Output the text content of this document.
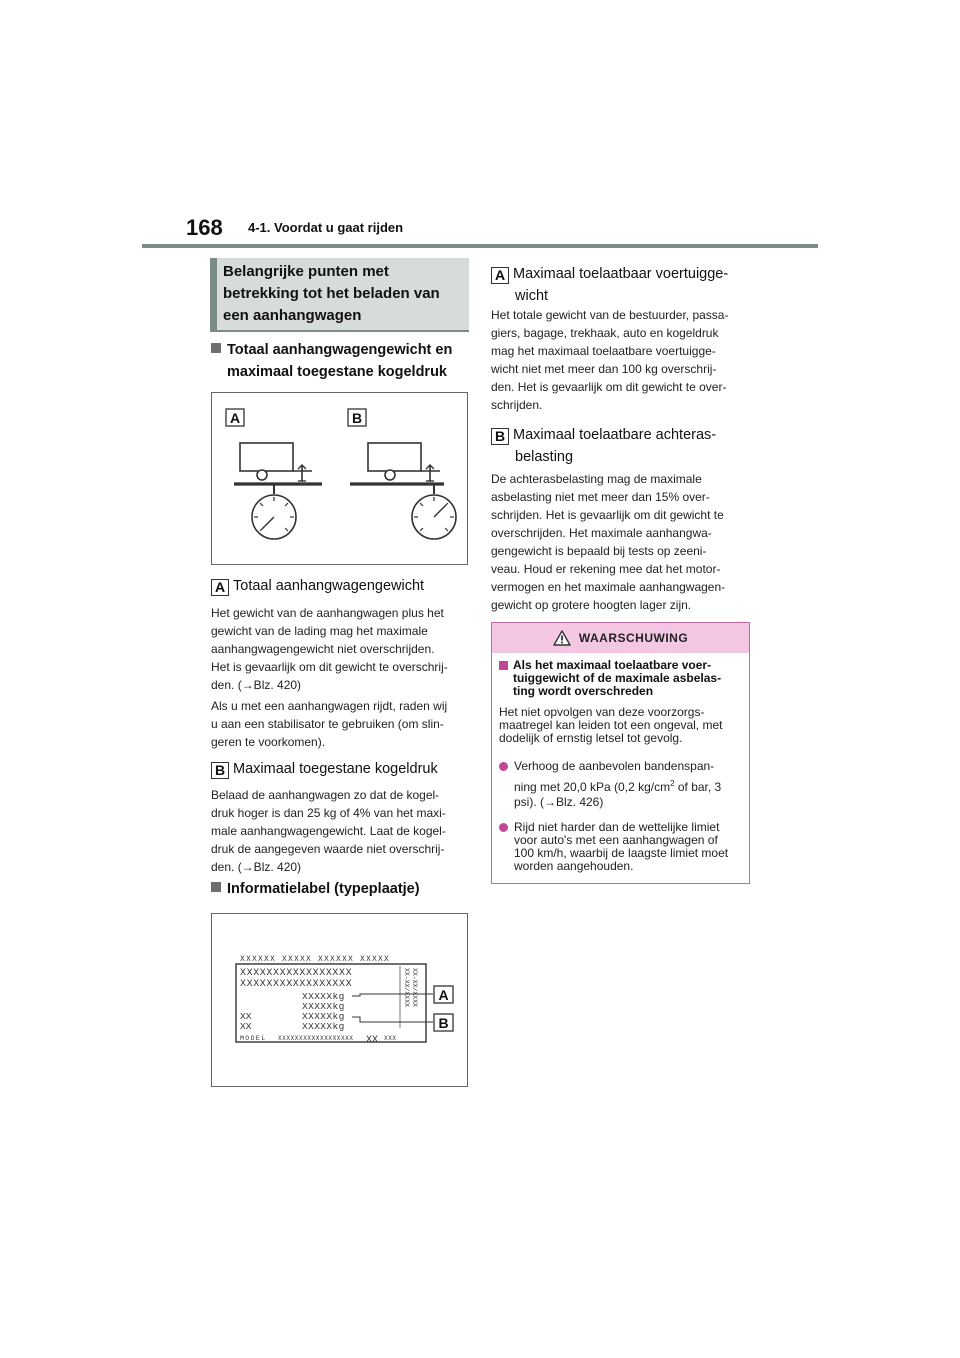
168 4-1. Voordat u gaat rijden
Belangrijke punten met
betrekking tot het beladen van
een aanhangwagen
Totaal aanhangwagengewicht en
maximaal toegestane kogeldruk
A	B
A Totaal aanhangwagengewicht
Het gewicht van de aanhangwagen plus het
gewicht van de lading mag het maximale
aanhangwagengewicht niet overschrijden.
Het is gevaarlijk om dit gewicht te overschrij-
den. (→Blz. 420)
Als u met een aanhangwagen rijdt, raden wij
u aan een stabilisator te gebruiken (om slin-
geren te voorkomen).
B Maximaal toegestane kogeldruk
Belaad de aanhangwagen zo dat de kogel-
druk hoger is dan 25 kg of 4% van het maxi-
male aanhangwagengewicht. Laat de kogel-
druk de aangegeven waarde niet overschrij-
den. (→Blz. 420)
Informatielabel (typeplaatje)
XXXXXX XXXXX XXXXXX XXXXX
XXXXXXXXXXXXXXXXX
XXXXXXXXXXXXXXXXX
XXXXXkg
XXXXXkg
XX	XXXXXkg
XX	XXXXXkg
MODEL XXXXXXXXXXXXXXXXXX XX XXX
XX-XX/XXXX XX-XX/XXXX A
B
A Maximaal toelaatbaar voertuigge-
wicht
Het totale gewicht van de bestuurder, passa-
giers, bagage, trekhaak, auto en kogeldruk
mag het maximaal toelaatbare voertuigge-
wicht niet met meer dan 100 kg overschrij-
den. Het is gevaarlijk om dit gewicht te over-
schrijden.
B Maximaal toelaatbare achteras-
belasting
De achterasbelasting mag de maximale
asbelasting niet met meer dan 15% over-
schrijden. Het is gevaarlijk om dit gewicht te
overschrijden. Het maximale aanhangwa-
gengewicht is bepaald bij tests op zeeni-
veau. Houd er rekening mee dat het motor-
vermogen en het maximale aanhangwagen-
gewicht op grotere hoogten lager zijn.
WAARSCHUWING
Als het maximaal toelaatbare voer-
tuiggewicht of de maximale asbelas-
ting wordt overschreden
Het niet opvolgen van deze voorzorgs-
maatregel kan leiden tot een ongeval, met
dodelijk of ernstig letsel tot gevolg.
Verhoog de aanbevolen bandenspan-
ning met 20,0 kPa (0,2 $kg/cm^2$ of bar, 3
psi). (→Blz. 426)
Rijd niet harder dan de wettelijke limiet
voor auto's met een aanhangwagen of
100 km/h, waarbij de laagste limiet moet
worden aangehouden.
